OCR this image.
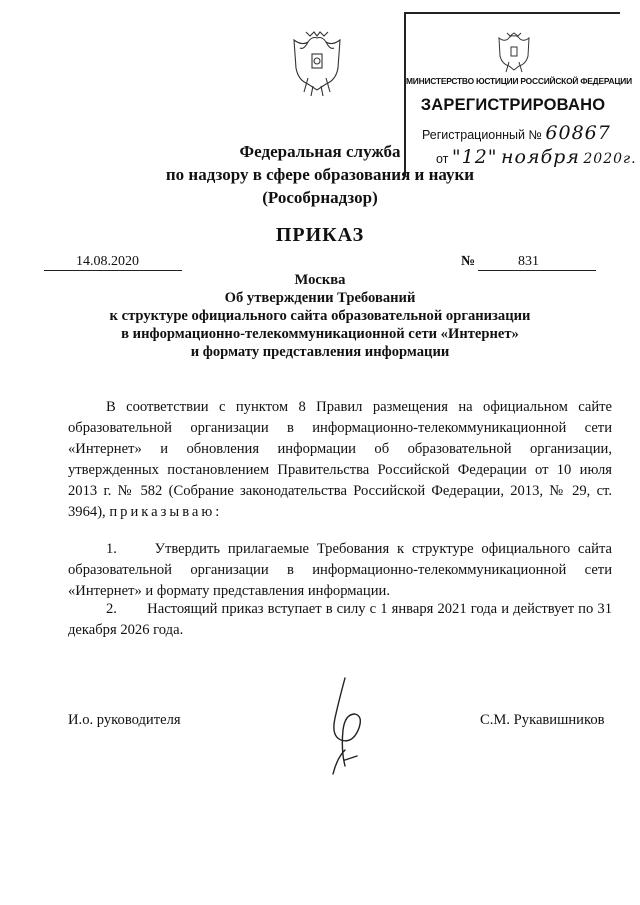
МИНИСТЕРСТВО ЮСТИЦИИ РОССИЙСКОЙ ФЕДЕРАЦИИ
ЗАРЕГИСТРИРОВАНО
Регистрационный № 60867
от "12" ноября 2020г.
Федеральная служба
по надзору в сфере образования и науки
(Рособрнадзор)
ПРИКАЗ
14.08.2020	№	831
Москва
Об утверждении Требований
к структуре официального сайта образовательной организации
в информационно-телекоммуникационной сети «Интернет»
и формату представления информации
В соответствии с пунктом 8 Правил размещения на официальном сайте образовательной организации в информационно-телекоммуникационной сети «Интернет» и обновления информации об образовательной организации, утвержденных постановлением Правительства Российской Федерации от 10 июля 2013 г. № 582 (Собрание законодательства Российской Федерации, 2013, № 29, ст. 3964), приказываю:
1.	Утвердить прилагаемые Требования к структуре официального сайта образовательной организации в информационно-телекоммуникационной сети «Интернет» и формату представления информации.
2. Настоящий приказ вступает в силу с 1 января 2021 года и действует по 31 декабря 2026 года.
И.о. руководителя	С.М. Рукавишников
